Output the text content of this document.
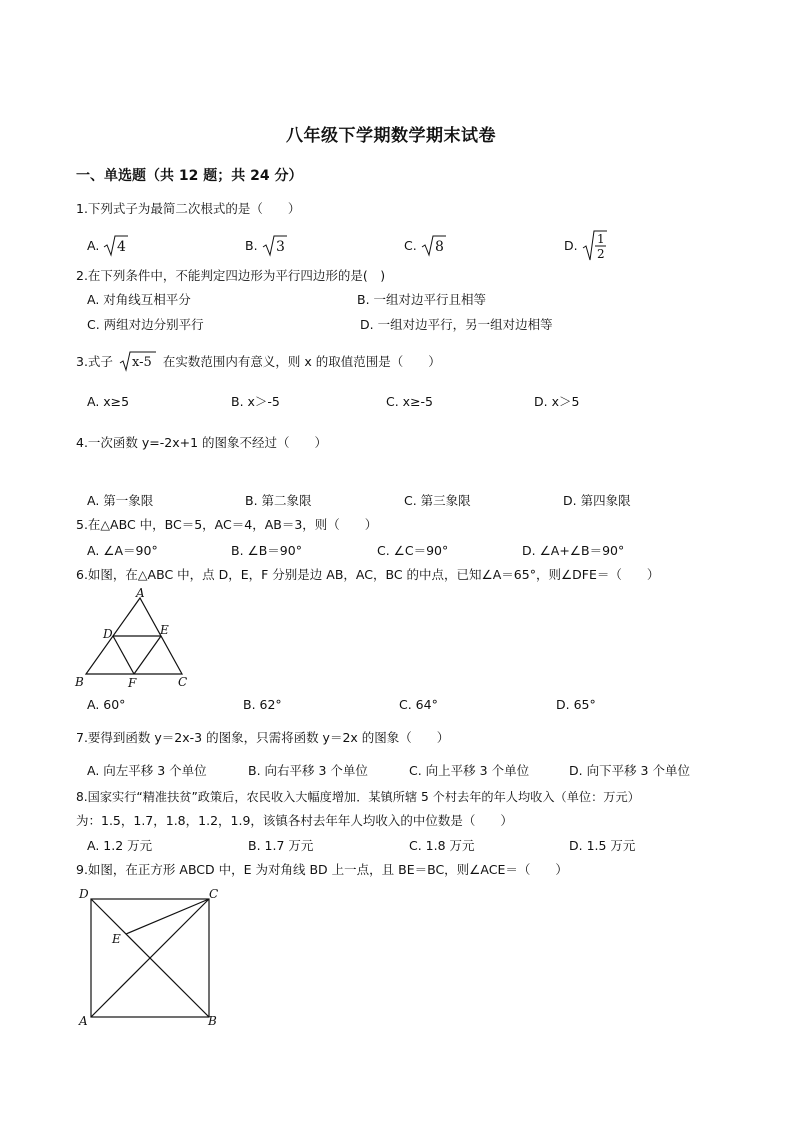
八年级下学期数学期末试卷
一、单选题（共 12 题；共 24 分）
1.下列式子为最简二次根式的是（　　）
A. 4	B. 3	C. 8	D. 1
2
2.在下列条件中，不能判定四边形为平行四边形的是(　)
A. 对角线互相平分	B. 一组对边平行且相等
C. 两组对边分别平行	D. 一组对边平行，另一组对边相等
3.式子 x-5 在实数范围内有意义，则 x 的取值范围是（　　）
A. x≥5	B. x＞-5	C. x≥-5	D. x＞5
4.一次函数 y=-2x+1 的图象不经过（　　）
A. 第一象限	B. 第二象限	C. 第三象限	D. 第四象限
5.在△ABC 中，BC＝5，AC＝4，AB＝3，则（　　）
A. ∠A＝90°	B. ∠B＝90°	C. ∠C＝90°	D. ∠A+∠B＝90°
6.如图，在△ABC 中，点 D，E，F 分别是边 AB，AC，BC 的中点，已知∠A＝65°，则∠DFE＝（　　）
A
B	C
D	E
F
A. 60°	B. 62°	C. 64°	D. 65°
7.要得到函数 y＝2x-3 的图象，只需将函数 y＝2x 的图象（　　）
A. 向左平移 3 个单位	B. 向右平移 3 个单位	C. 向上平移 3 个单位	D. 向下平移 3 个单位
8.国家实行“精准扶贫”政策后，农民收入大幅度增加．某镇所辖 5 个村去年的年人均收入（单位：万元）
为：1.5，1.7，1.8，1.2，1.9，该镇各村去年年人均收入的中位数是（　　）
A. 1.2 万元	B. 1.7 万元	C. 1.8 万元	D. 1.5 万元
9.如图，在正方形 ABCD 中，E 为对角线 BD 上一点，且 BE＝BC，则∠ACE＝（　　）
D	C
A	B
E
